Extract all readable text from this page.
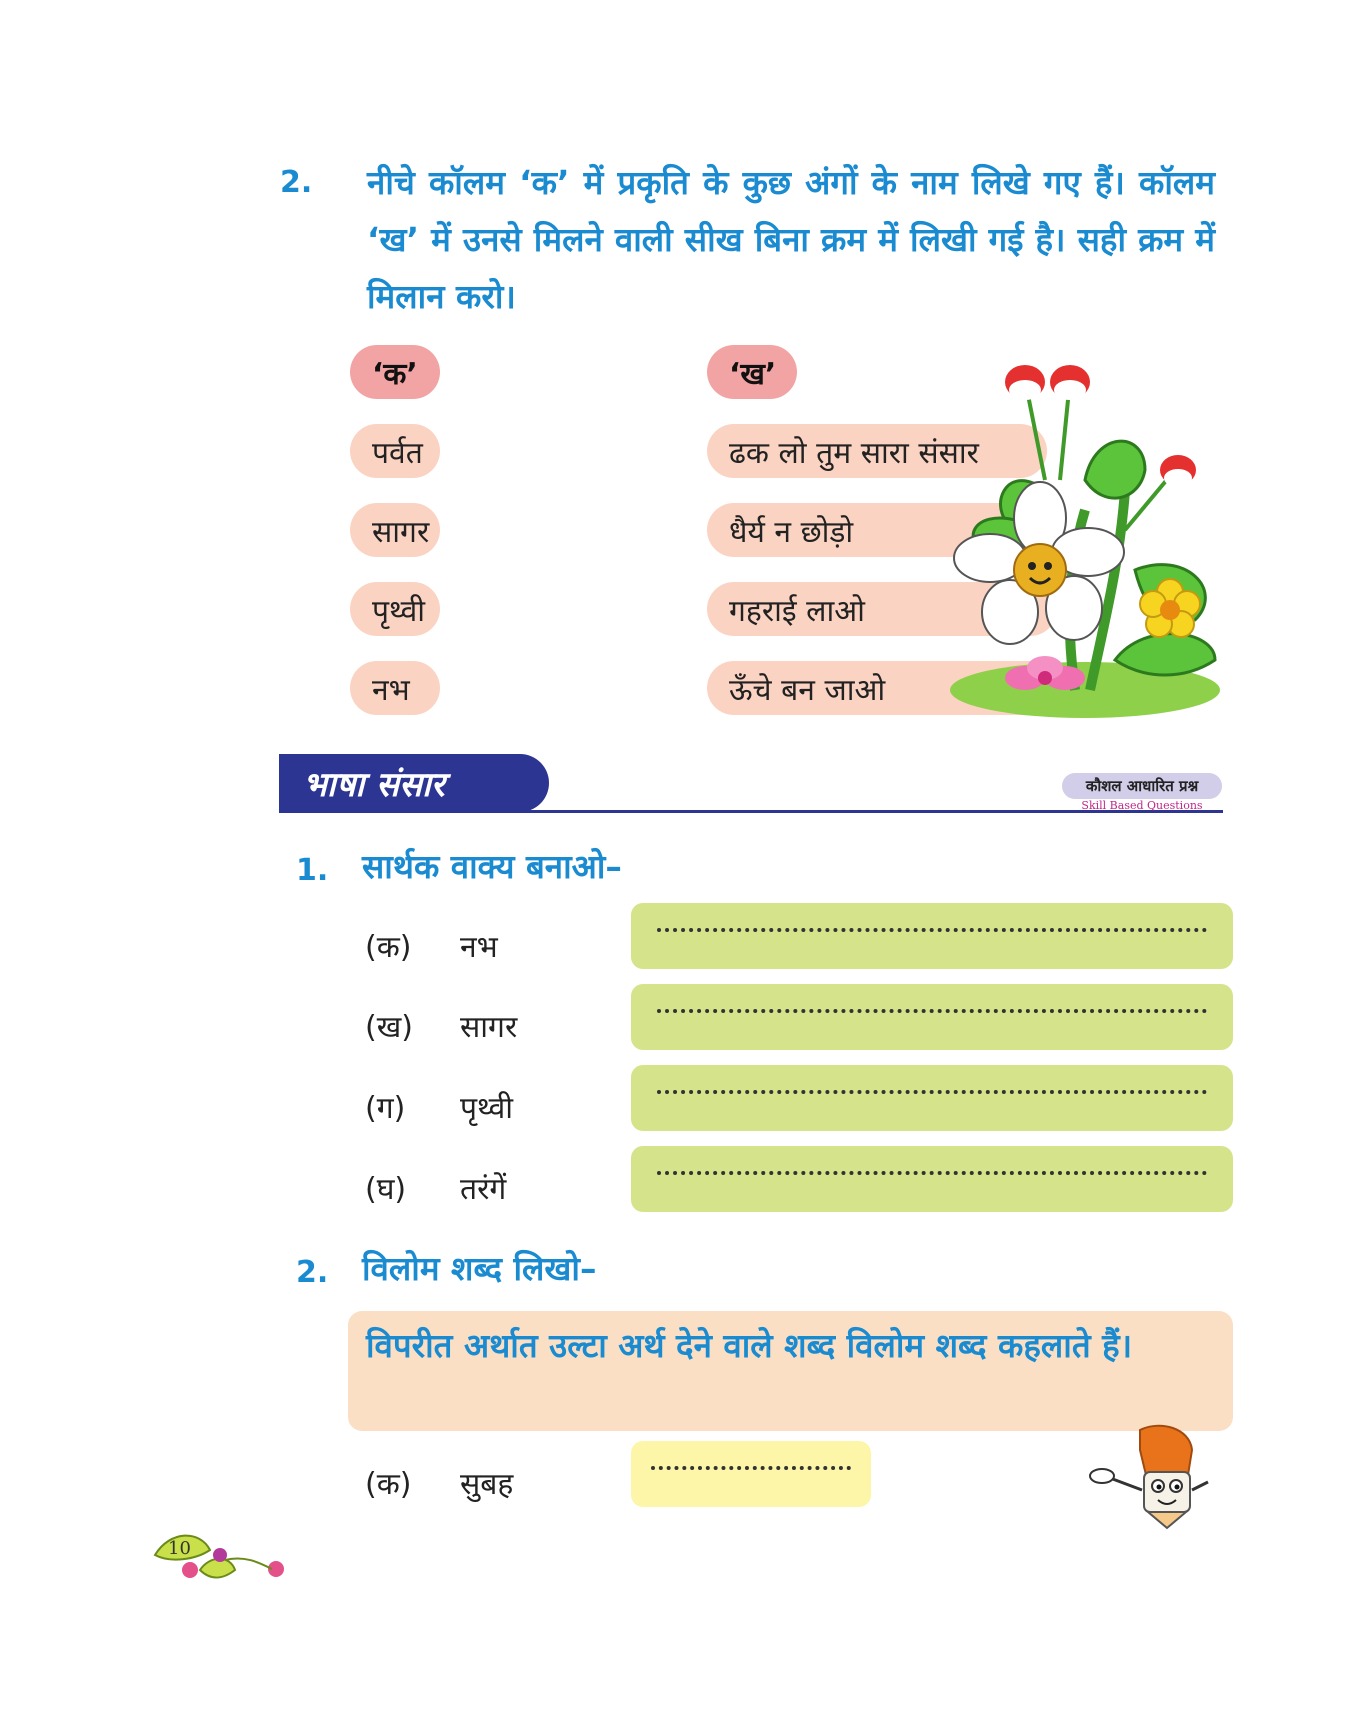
2. नीचे कॉलम ‘क’ में प्रकृति के कुछ अंगों के नाम लिखे गए हैं। कॉलम ‘ख’ में उनसे मिलने वाली सीख बिना क्रम में लिखी गई है। सही क्रम में मिलान करो।
‘क’	‘ख’
पर्वत
सागर
पृथ्वी
नभ
ढक लो तुम सारा संसार
धैर्य न छोड़ो
गहराई लाओ
ऊँचे बन जाओ
भाषा संसार	कौशल आधारित प्रश्न
Skill Based Questions
1. सार्थक वाक्य बनाओ–
(क) नभ
(ख) सागर
(ग) पृथ्वी
(घ) तरंगें
2. विलोम शब्द लिखो–
विपरीत अर्थात उल्टा अर्थ देने वाले शब्द विलोम शब्द कहलाते हैं।
(क) सुबह
10
